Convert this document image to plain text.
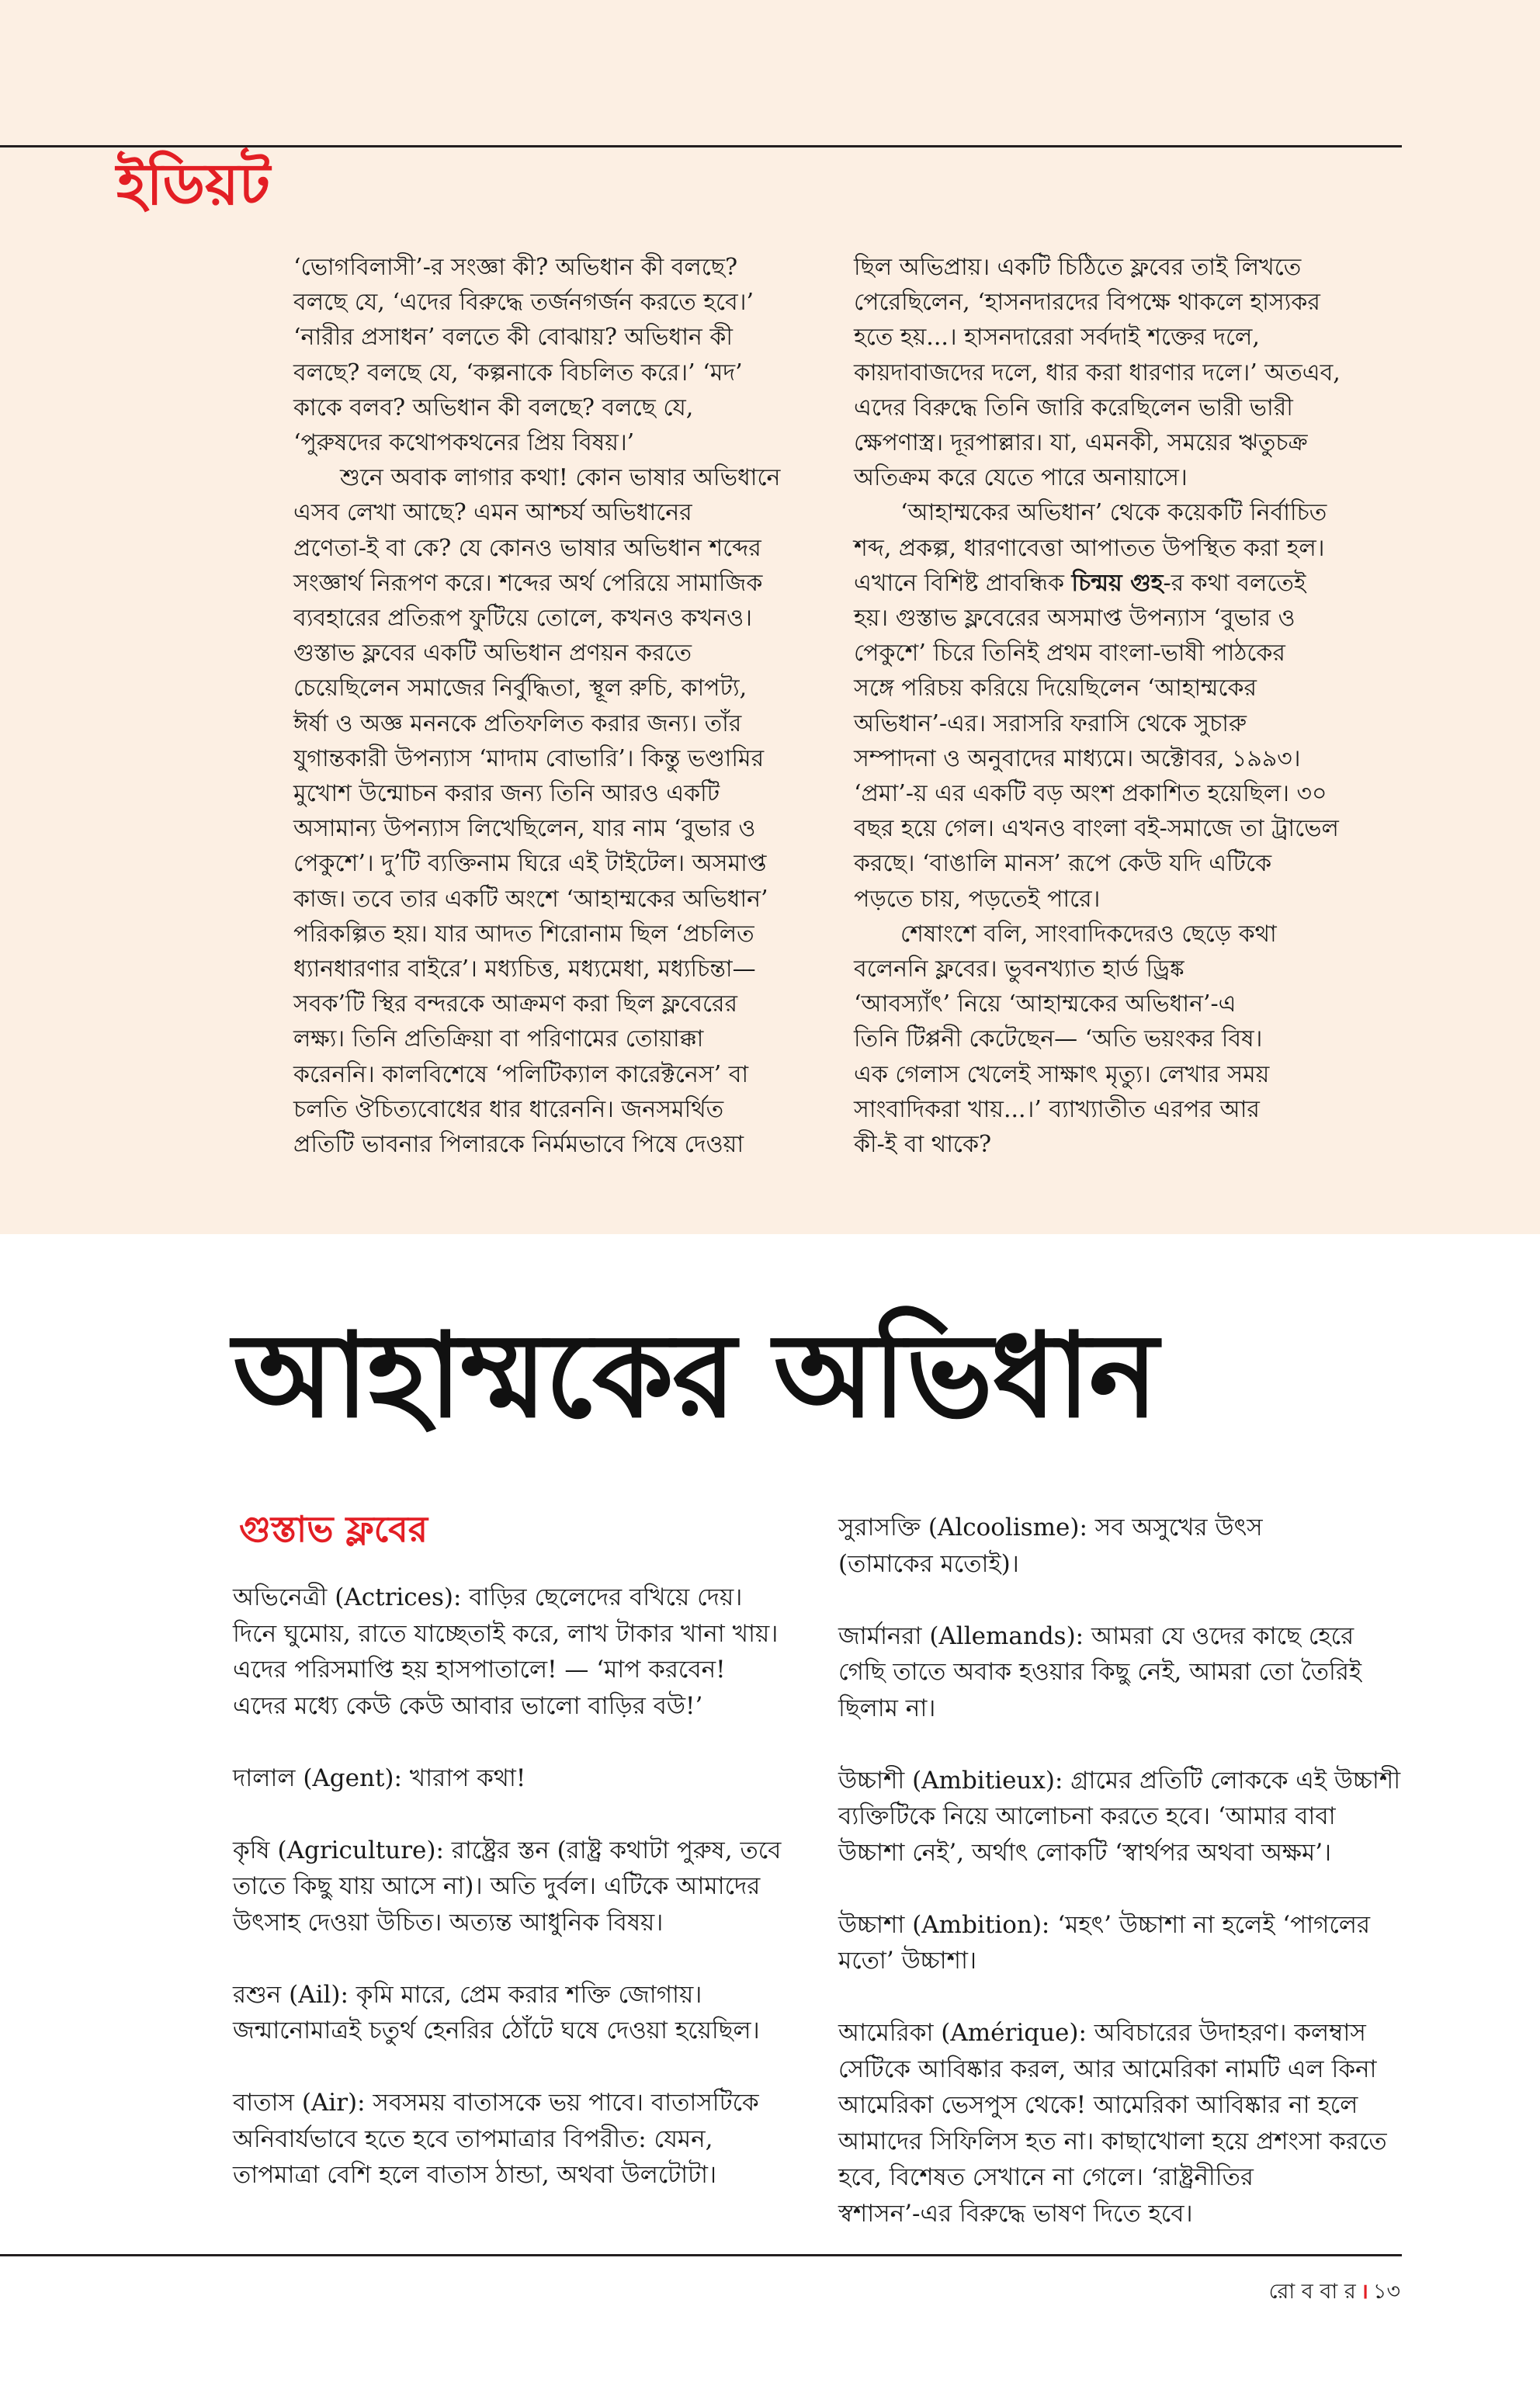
ইডিয়ট
‘ভোগবিলাসী’-র সংজ্ঞা কী? অভিধান কী বলছে?
বলছে যে, ‘এদের বিরুদ্ধে তর্জনগর্জন করতে হবে।’
‘নারীর প্রসাধন’ বলতে কী বোঝায়? অভিধান কী
বলছে? বলছে যে, ‘কল্পনাকে বিচলিত করে।’ ‘মদ’
কাকে বলব? অভিধান কী বলছে? বলছে যে,
‘পুরুষদের কথোপকথনের প্রিয় বিষয়।’
শুনে অবাক লাগার কথা! কোন ভাষার অভিধানে
এসব লেখা আছে? এমন আশ্চর্য অভিধানের
প্রণেতা-ই বা কে? যে কোনও ভাষার অভিধান শব্দের
সংজ্ঞার্থ নিরূপণ করে। শব্দের অর্থ পেরিয়ে সামাজিক
ব্যবহারের প্রতিরূপ ফুটিয়ে তোলে, কখনও কখনও।
গুস্তাভ ফ্লবের একটি অভিধান প্রণয়ন করতে
চেয়েছিলেন সমাজের নির্বুদ্ধিতা, স্থূল রুচি, কাপট্য,
ঈর্ষা ও অজ্ঞ মননকে প্রতিফলিত করার জন্য। তাঁর
যুগান্তকারী উপন্যাস ‘মাদাম বোভারি’। কিন্তু ভণ্ডামির
মুখোশ উন্মোচন করার জন্য তিনি আরও একটি
অসামান্য উপন্যাস লিখেছিলেন, যার নাম ‘বুভার ও
পেকুশে’। দু’টি ব্যক্তিনাম ঘিরে এই টাইটেল। অসমাপ্ত
কাজ। তবে তার একটি অংশে ‘আহাম্মকের অভিধান’
পরিকল্পিত হয়। যার আদত শিরোনাম ছিল ‘প্রচলিত
ধ্যানধারণার বাইরে’। মধ্যচিত্ত, মধ্যমেধা, মধ্যচিন্তা—
সবক’টি স্থির বন্দরকে আক্রমণ করা ছিল ফ্লবেরের
লক্ষ্য। তিনি প্রতিক্রিয়া বা পরিণামের তোয়াক্কা
করেননি। কালবিশেষে ‘পলিটিক্যাল কারেক্টনেস’ বা
চলতি ঔচিত্যবোধের ধার ধারেননি। জনসমর্থিত
প্রতিটি ভাবনার পিলারকে নির্মমভাবে পিষে দেওয়া
ছিল অভিপ্রায়। একটি চিঠিতে ফ্লবের তাই লিখতে
পেরেছিলেন, ‘হাসনদারদের বিপক্ষে থাকলে হাস্যকর
হতে হয়...। হাসনদারেরা সর্বদাই শক্তের দলে,
কায়দাবাজদের দলে, ধার করা ধারণার দলে।’ অতএব,
এদের বিরুদ্ধে তিনি জারি করেছিলেন ভারী ভারী
ক্ষেপণাস্ত্র। দূরপাল্লার। যা, এমনকী, সময়ের ঋতুচক্র
অতিক্রম করে যেতে পারে অনায়াসে।
‘আহাম্মকের অভিধান’ থেকে কয়েকটি নির্বাচিত
শব্দ, প্রকল্প, ধারণাবেত্তা আপাতত উপস্থিত করা হল।
এখানে বিশিষ্ট প্রাবন্ধিক চিন্ময় গুহ-র কথা বলতেই
হয়। গুস্তাভ ফ্লবেরের অসমাপ্ত উপন্যাস ‘বুভার ও
পেকুশে’ চিরে তিনিই প্রথম বাংলা-ভাষী পাঠকের
সঙ্গে পরিচয় করিয়ে দিয়েছিলেন ‘আহাম্মকের
অভিধান’-এর। সরাসরি ফরাসি থেকে সুচারু
সম্পাদনা ও অনুবাদের মাধ্যমে। অক্টোবর, ১৯৯৩।
‘প্রমা’-য় এর একটি বড় অংশ প্রকাশিত হয়েছিল। ৩০
বছর হয়ে গেল। এখনও বাংলা বই-সমাজে তা ট্রাভেল
করছে। ‘বাঙালি মানস’ রূপে কেউ যদি এটিকে
পড়তে চায়, পড়তেই পারে।
শেষাংশে বলি, সাংবাদিকদেরও ছেড়ে কথা
বলেননি ফ্লবের। ভুবনখ্যাত হার্ড ড্রিঙ্ক
‘আবস্যাঁৎ’ নিয়ে ‘আহাম্মকের অভিধান’-এ
তিনি টিপ্পনী কেটেছেন— ‘অতি ভয়ংকর বিষ।
এক গেলাস খেলেই সাক্ষাৎ মৃত্যু। লেখার সময়
সাংবাদিকরা খায়...।’ ব্যাখ্যাতীত এরপর আর
কী-ই বা থাকে?
আহাম্মকের অভিধান
গুস্তাভ ফ্লবের
অভিনেত্রী (Actrices): বাড়ির ছেলেদের বখিয়ে দেয়।
দিনে ঘুমোয়, রাতে যাচ্ছেতাই করে, লাখ টাকার খানা খায়।
এদের পরিসমাপ্তি হয় হাসপাতালে! — ‘মাপ করবেন!
এদের মধ্যে কেউ কেউ আবার ভালো বাড়ির বউ!’
দালাল (Agent): খারাপ কথা!
কৃষি (Agriculture): রাষ্ট্রের স্তন (রাষ্ট্র কথাটা পুরুষ, তবে
তাতে কিছু যায় আসে না)। অতি দুর্বল। এটিকে আমাদের
উৎসাহ দেওয়া উচিত। অত্যন্ত আধুনিক বিষয়।
রশুন (Ail): কৃমি মারে, প্রেম করার শক্তি জোগায়।
জন্মানোমাত্রই চতুর্থ হেনরির ঠোঁটে ঘষে দেওয়া হয়েছিল।
বাতাস (Air): সবসময় বাতাসকে ভয় পাবে। বাতাসটিকে
অনিবার্যভাবে হতে হবে তাপমাত্রার বিপরীত: যেমন,
তাপমাত্রা বেশি হলে বাতাস ঠান্ডা, অথবা উলটোটা।
সুরাসক্তি (Alcoolisme): সব অসুখের উৎস
(তামাকের মতোই)।
জার্মানরা (Allemands): আমরা যে ওদের কাছে হেরে
গেছি তাতে অবাক হওয়ার কিছু নেই, আমরা তো তৈরিই
ছিলাম না।
উচ্চাশী (Ambitieux): গ্রামের প্রতিটি লোককে এই উচ্চাশী
ব্যক্তিটিকে নিয়ে আলোচনা করতে হবে। ‘আমার বাবা
উচ্চাশা নেই’, অর্থাৎ লোকটি ‘স্বার্থপর অথবা অক্ষম’।
উচ্চাশা (Ambition): ‘মহৎ’ উচ্চাশা না হলেই ‘পাগলের
মতো’ উচ্চাশা।
আমেরিকা (Amérique): অবিচারের উদাহরণ। কলম্বাস
সেটিকে আবিষ্কার করল, আর আমেরিকা নামটি এল কিনা
আমেরিকা ভেসপুস থেকে! আমেরিকা আবিষ্কার না হলে
আমাদের সিফিলিস হত না। কাছাখোলা হয়ে প্রশংসা করতে
হবে, বিশেষত সেখানে না গেলে। ‘রাষ্ট্রনীতির
স্বশাসন’-এর বিরুদ্ধে ভাষণ দিতে হবে।
রো ব বা র । ১৩
